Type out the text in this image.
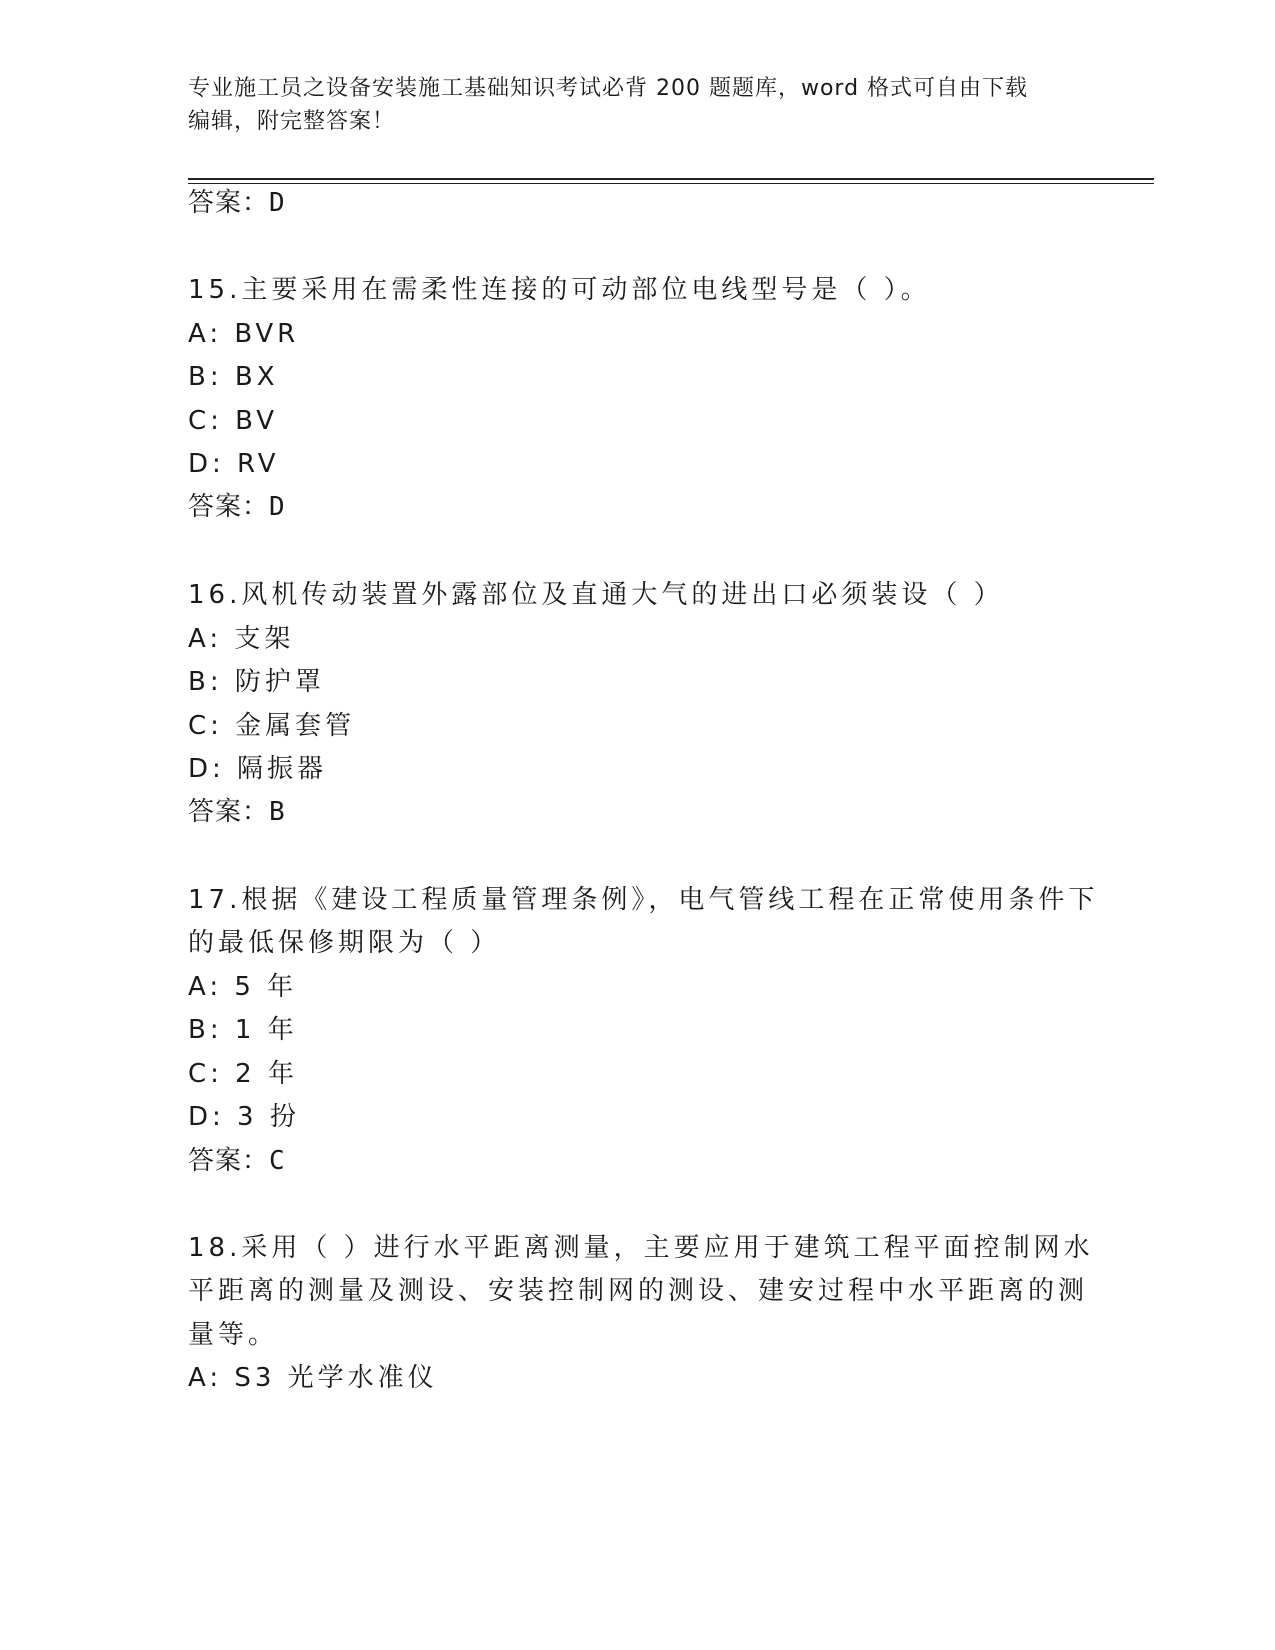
专业施工员之设备安装施工基础知识考试必背 200 题题库，word 格式可自由下载
编辑，附完整答案！
答案：D
15.主要采用在需柔性连接的可动部位电线型号是（ ）。
A: BVR
B: BX
C: BV
D: RV
答案：D
16.风机传动装置外露部位及直通大气的进出口必须装设（ ）
A: 支架
B: 防护罩
C: 金属套管
D: 隔振器
答案：B
17.根据《建设工程质量管理条例》，电气管线工程在正常使用条件下
的最低保修期限为（ ）
A: 5 年
B: 1 年
C: 2 年
D: 3 扮
答案：C
18.采用（ ）进行水平距离测量，主要应用于建筑工程平面控制网水
平距离的测量及测设、安装控制网的测设、建安过程中水平距离的测
量等。
A: S3 光学水准仪
